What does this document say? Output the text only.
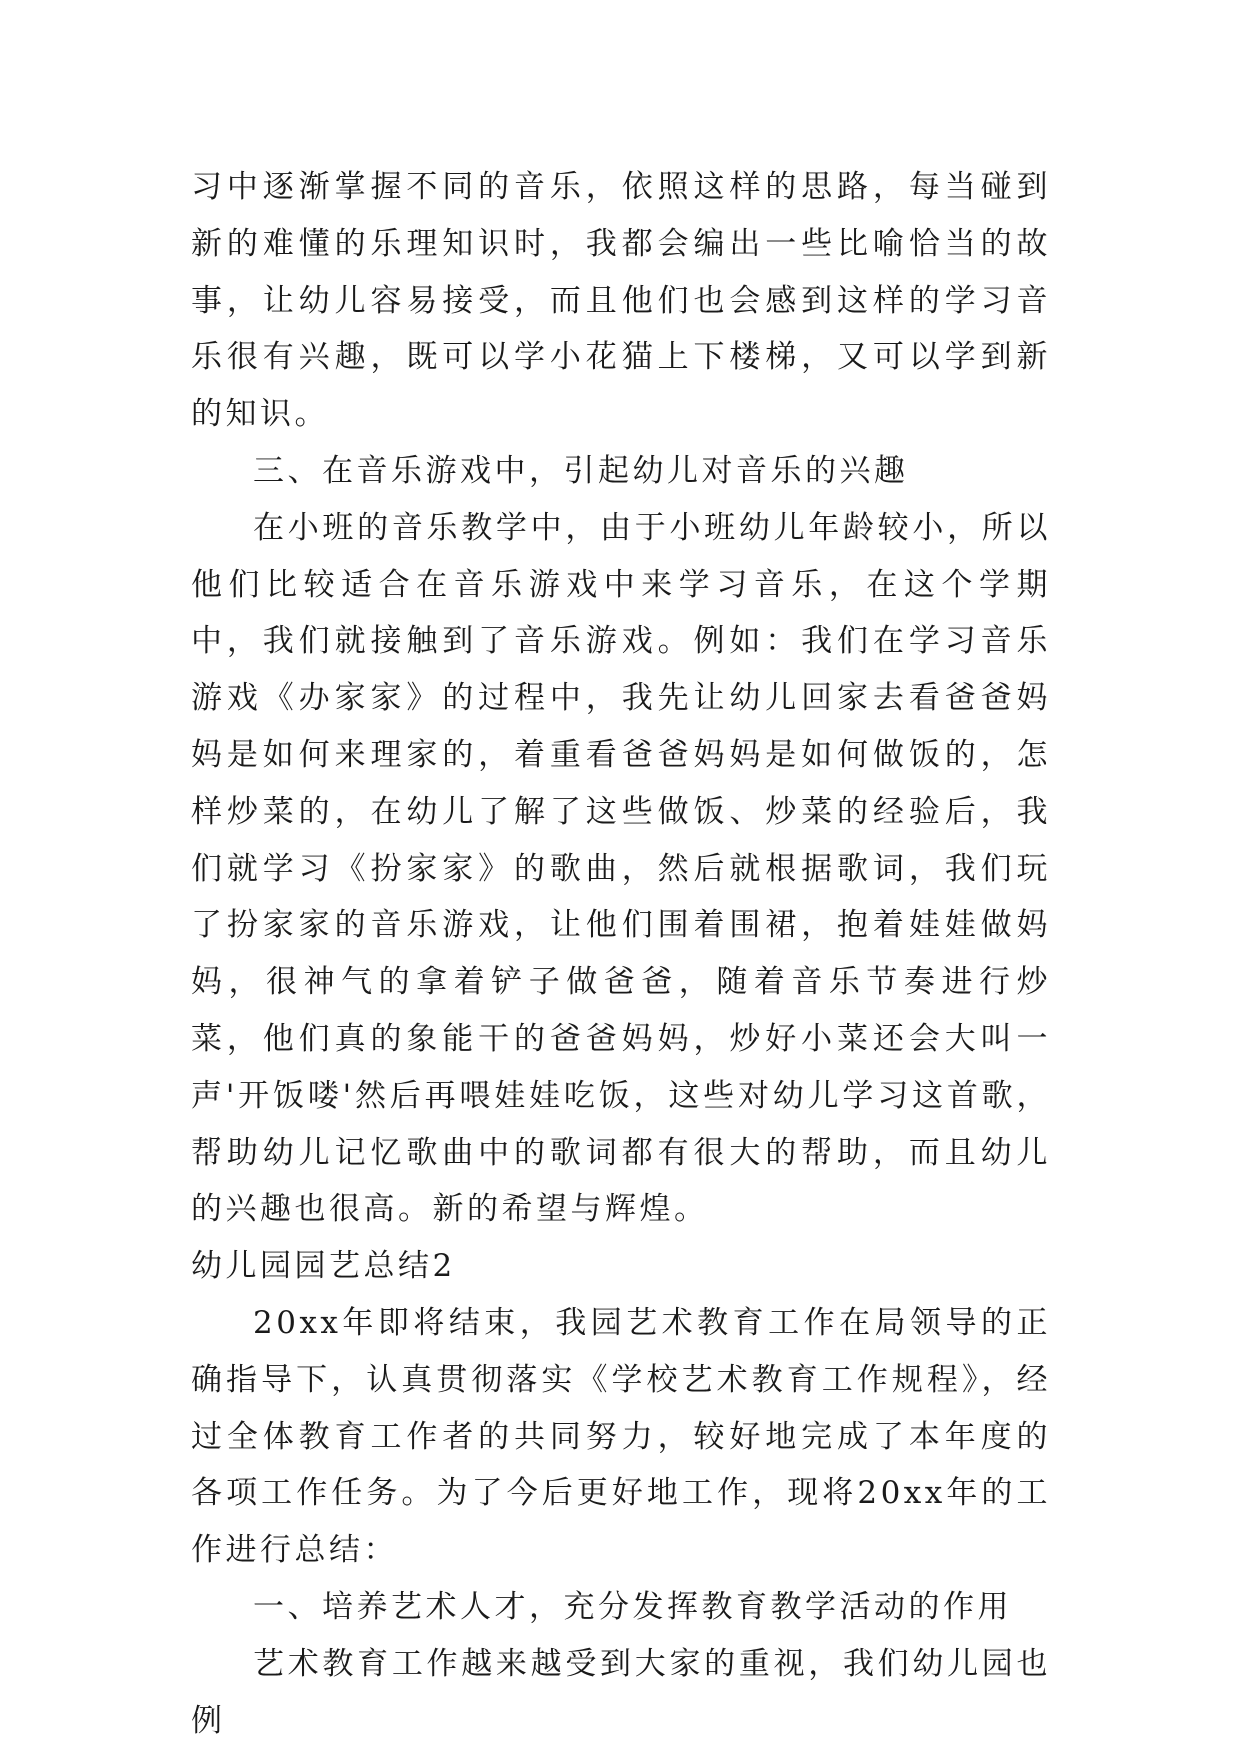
习中逐渐掌握不同的音乐，依照这样的思路，每当碰到新的难懂的乐理知识时，我都会编出一些比喻恰当的故事，让幼儿容易接受，而且他们也会感到这样的学习音乐很有兴趣，既可以学小花猫上下楼梯，又可以学到新的知识。

三、在音乐游戏中，引起幼儿对音乐的兴趣

在小班的音乐教学中，由于小班幼儿年龄较小，所以他们比较适合在音乐游戏中来学习音乐，在这个学期中，我们就接触到了音乐游戏。例如：我们在学习音乐游戏《办家家》的过程中，我先让幼儿回家去看爸爸妈妈是如何来理家的，着重看爸爸妈妈是如何做饭的，怎样炒菜的，在幼儿了解了这些做饭、炒菜的经验后，我们就学习《扮家家》的歌曲，然后就根据歌词，我们玩了扮家家的音乐游戏，让他们围着围裙，抱着娃娃做妈妈，很神气的拿着铲子做爸爸，随着音乐节奏进行炒菜，他们真的象能干的爸爸妈妈，炒好小菜还会大叫一声'开饭喽'然后再喂娃娃吃饭，这些对幼儿学习这首歌，帮助幼儿记忆歌曲中的歌词都有很大的帮助，而且幼儿的兴趣也很高。新的希望与辉煌。

幼儿园园艺总结2

20xx年即将结束，我园艺术教育工作在局领导的正确指导下，认真贯彻落实《学校艺术教育工作规程》，经过全体教育工作者的共同努力，较好地完成了本年度的各项工作任务。为了今后更好地工作，现将20xx年的工作进行总结：

一、培养艺术人才，充分发挥教育教学活动的作用

艺术教育工作越来越受到大家的重视，我们幼儿园也例
